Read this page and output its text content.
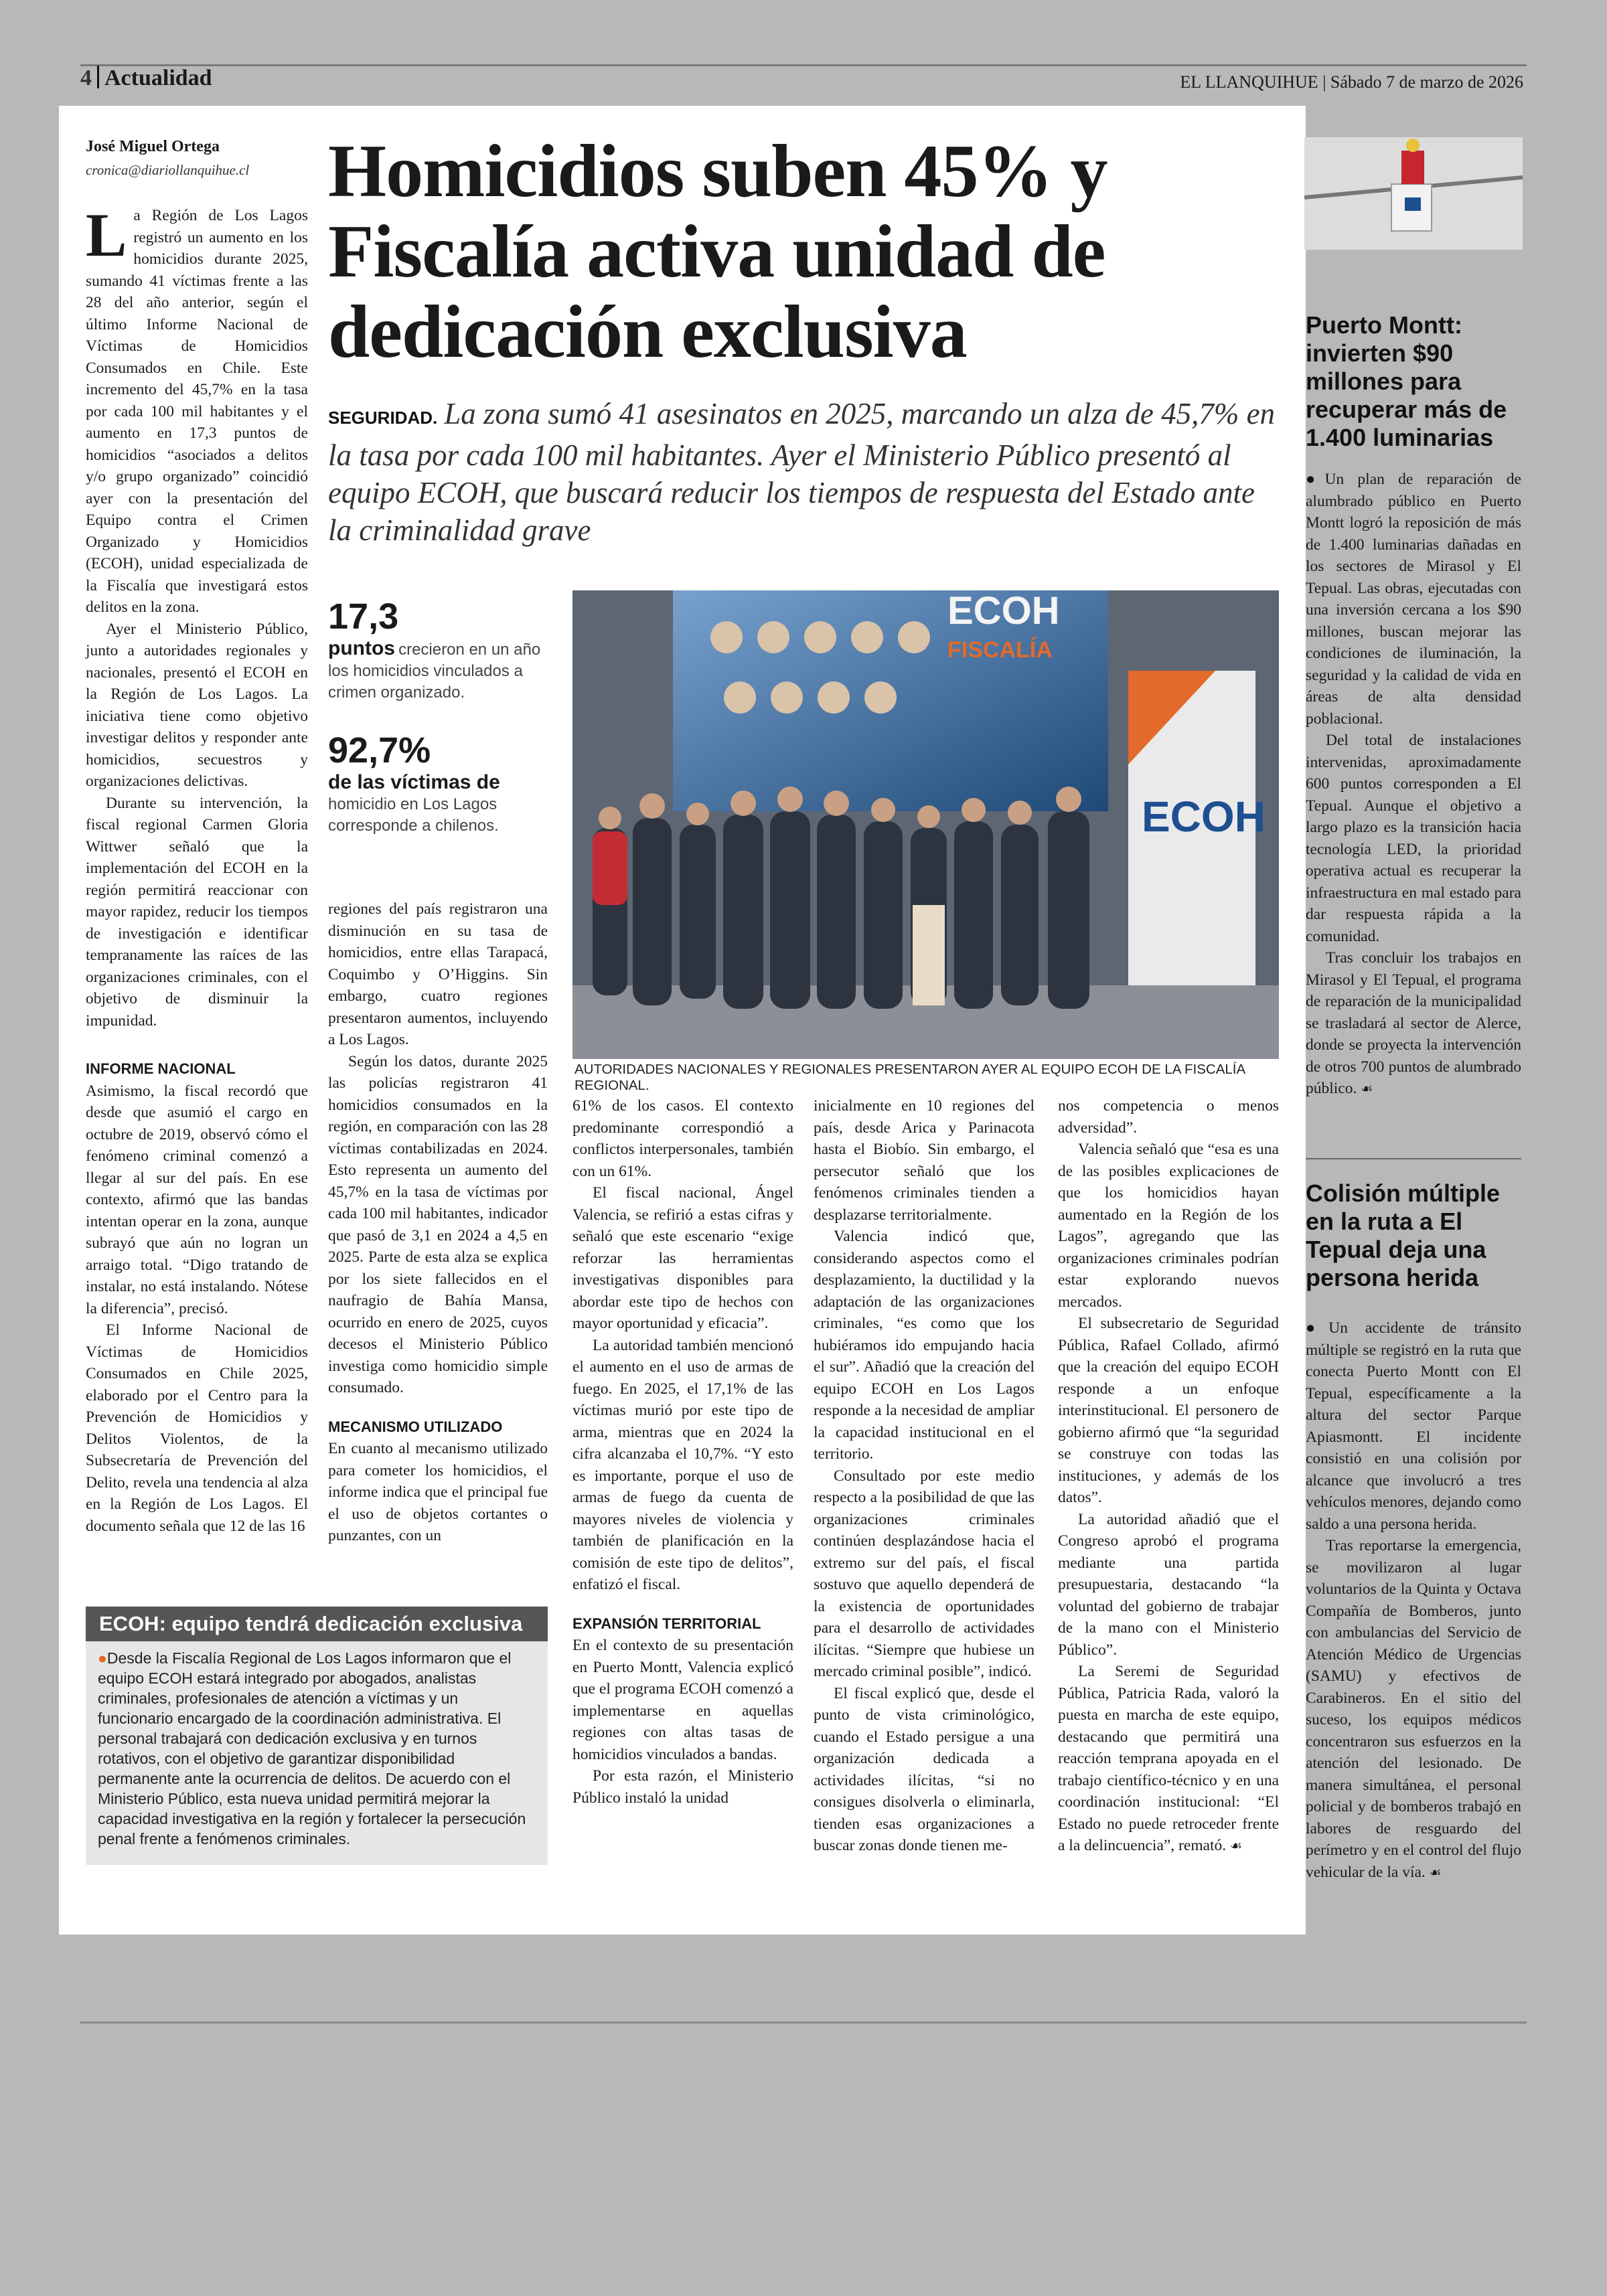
4 Actualidad	EL LLANQUIHUE | Sábado 7 de marzo de 2026
José Miguel Ortega
cronica@diariollanquihue.cl Homicidios suben 45% y Fiscalía activa unidad de dedicación exclusiva
SEGURIDAD. La zona sumó 41 asesinatos en 2025, marcando un alza de 45,7% en la tasa por cada 100 mil habitantes. Ayer el Ministerio Público presentó al equipo ECOH, que buscará reducir los tiempos de respuesta del Estado ante la criminalidad grave

La Región de Los Lagos registró un aumento en los homicidios durante 2025, sumando 41 víctimas frente a las 28 del año anterior, según el último Informe Nacional de Víctimas de Homicidios Consumados en Chile. Este incremento del 45,7% en la tasa por cada 100 mil habitantes y el aumento en 17,3 puntos de homicidios “asociados a delitos y/o grupo organizado” coincidió ayer con la presentación del Equipo contra el Crimen Organizado y Homicidios (ECOH), unidad especializada de la Fiscalía que investigará estos delitos en la zona.

Ayer el Ministerio Público, junto a autoridades regionales y nacionales, presentó el ECOH en la Región de Los Lagos. La iniciativa tiene como objetivo investigar delitos y responder ante homicidios, secuestros y organizaciones delictivas.

Durante su intervención, la fiscal regional Carmen Gloria Wittwer señaló que la implementación del ECOH en la región permitirá reaccionar con mayor rapidez, reducir los tiempos de investigación e identificar tempranamente las raíces de las organizaciones criminales, con el objetivo de disminuir la impunidad.

INFORME NACIONAL

Asimismo, la fiscal recordó que desde que asumió el cargo en octubre de 2019, observó cómo el fenómeno criminal comenzó a llegar al sur del país. En ese contexto, afirmó que las bandas intentan operar en la zona, aunque subrayó que aún no logran un arraigo total. “Digo tratando de instalar, no está instalando. Nótese la diferencia”, precisó.

El Informe Nacional de Víctimas de Homicidios Consumados en Chile 2025, elaborado por el Centro para la Prevención de Homicidios y Delitos Violentos, de la Subsecretaría de Prevención del Delito, revela una tendencia al alza en la Región de Los Lagos. El documento señala que 12 de las 16

17,3
puntos crecieron en un año los homicidios vinculados a crimen organizado.
92,7%
de las víctimas de
homicidio en Los Lagos corresponde a chilenos.
ECOH
FISCALÍA
ECOH
AUTORIDADES NACIONALES Y REGIONALES PRESENTARON AYER AL EQUIPO ECOH DE LA FISCALÍA REGIONAL.

regiones del país registraron una disminución en su tasa de homicidios, entre ellas Tarapacá, Coquimbo y O’Higgins. Sin embargo, cuatro regiones presentaron aumentos, incluyendo a Los Lagos.

Según los datos, durante 2025 las policías registraron 41 homicidios consumados en la región, en comparación con las 28 víctimas contabilizadas en 2024. Esto representa un aumento del 45,7% en la tasa de víctimas por cada 100 mil habitantes, indicador que pasó de 3,1 en 2024 a 4,5 en 2025. Parte de esta alza se explica por los siete fallecidos en el naufragio de Bahía Mansa, ocurrido en enero de 2025, cuyos decesos el Ministerio Público investiga como homicidio simple consumado.

MECANISMO UTILIZADO

En cuanto al mecanismo utilizado para cometer los homicidios, el informe indica que el principal fue el uso de objetos cortantes o punzantes, con un

61% de los casos. El contexto predominante correspondió a conflictos interpersonales, también con un 61%.

El fiscal nacional, Ángel Valencia, se refirió a estas cifras y señaló que este escenario “exige reforzar las herramientas investigativas disponibles para abordar este tipo de hechos con mayor oportunidad y eficacia”.

La autoridad también mencionó el aumento en el uso de armas de fuego. En 2025, el 17,1% de las víctimas murió por este tipo de arma, mientras que en 2024 la cifra alcanzaba el 10,7%. “Y esto es importante, porque el uso de armas de fuego da cuenta de mayores niveles de violencia y también de planificación en la comisión de este tipo de delitos”, enfatizó el fiscal.

EXPANSIÓN TERRITORIAL

En el contexto de su presentación en Puerto Montt, Valencia explicó que el programa ECOH comenzó a implementarse en aquellas regiones con altas tasas de homicidios vinculados a bandas.

Por esta razón, el Ministerio Público instaló la unidad

inicialmente en 10 regiones del país, desde Arica y Parinacota hasta el Biobío. Sin embargo, el persecutor señaló que los fenómenos criminales tienden a desplazarse territorialmente.

Valencia indicó que, considerando aspectos como el desplazamiento, la ductilidad y la adaptación de las organizaciones criminales, “es como que los hubiéramos ido empujando hacia el sur”. Añadió que la creación del equipo ECOH en Los Lagos responde a la necesidad de ampliar la capacidad institucional en el territorio.

Consultado por este medio respecto a la posibilidad de que las organizaciones criminales continúen desplazándose hacia el extremo sur del país, el fiscal sostuvo que aquello dependerá de la existencia de oportunidades para el desarrollo de actividades ilícitas. “Siempre que hubiese un mercado criminal posible”, indicó.

El fiscal explicó que, desde el punto de vista criminológico, cuando el Estado persigue a una organización dedicada a actividades ilícitas, “si no consigues disolverla o eliminarla, tienden esas organizaciones a buscar zonas donde tienen me-

nos competencia o menos adversidad”.

Valencia señaló que “esa es una de las posibles explicaciones de que los homicidios hayan aumentado en la Región de los Lagos”, agregando que las organizaciones criminales podrían estar explorando nuevos mercados.

El subsecretario de Seguridad Pública, Rafael Collado, afirmó que la creación del equipo ECOH responde a un enfoque interinstitucional. El personero de gobierno afirmó que “la seguridad se construye con todas las instituciones, y además de los datos”.

La autoridad añadió que el Congreso aprobó el programa mediante una partida presupuestaria, destacando “la voluntad del gobierno de trabajar de la mano con el Ministerio Público”.

La Seremi de Seguridad Pública, Patricia Rada, valoró la puesta en marcha de este equipo, destacando que permitirá una reacción temprana apoyada en el trabajo científico-técnico y en una coordinación institucional: “El Estado no puede retroceder frente a la delincuencia”, remató. ☙

ECOH: equipo tendrá dedicación exclusiva
●Desde la Fiscalía Regional de Los Lagos informaron que el equipo ECOH estará integrado por abogados, analistas criminales, profesionales de atención a víctimas y un funcionario encargado de la coordinación administrativa. El personal trabajará con dedicación exclusiva y en turnos rotativos, con el objetivo de garantizar disponibilidad permanente ante la ocurrencia de delitos. De acuerdo con el Ministerio Público, esta nueva unidad permitirá mejorar la capacidad investigativa en la región y fortalecer la persecución penal frente a fenómenos criminales.
Puerto Montt: invierten $90 millones para recuperar más de 1.400 luminarias

●Un plan de reparación de alumbrado público en Puerto Montt logró la reposición de más de 1.400 luminarias dañadas en los sectores de Mirasol y El Tepual. Las obras, ejecutadas con una inversión cercana a los $90 millones, buscan mejorar las condiciones de iluminación, la seguridad y la calidad de vida en áreas de alta densidad poblacional.

Del total de instalaciones intervenidas, aproximadamente 600 puntos corresponden a El Tepual. Aunque el objetivo a largo plazo es la transición hacia tecnología LED, la prioridad operativa actual es recuperar la infraestructura en mal estado para dar respuesta rápida a la comunidad.

Tras concluir los trabajos en Mirasol y El Tepual, el programa de reparación de la municipalidad se trasladará al sector de Alerce, donde se proyecta la intervención de otros 700 puntos de alumbrado público. ☙

Colisión múltiple en la ruta a El Tepual deja una persona herida

●Un accidente de tránsito múltiple se registró en la ruta que conecta Puerto Montt con El Tepual, específicamente a la altura del sector Parque Apiasmontt. El incidente consistió en una colisión por alcance que involucró a tres vehículos menores, dejando como saldo a una persona herida.

Tras reportarse la emergencia, se movilizaron al lugar voluntarios de la Quinta y Octava Compañía de Bomberos, junto con ambulancias del Servicio de Atención Médico de Urgencias (SAMU) y efectivos de Carabineros. En el sitio del suceso, los equipos médicos concentraron sus esfuerzos en la atención del lesionado. De manera simultánea, el personal policial y de bomberos trabajó en labores de resguardo del perímetro y en el control del flujo vehicular de la vía. ☙
